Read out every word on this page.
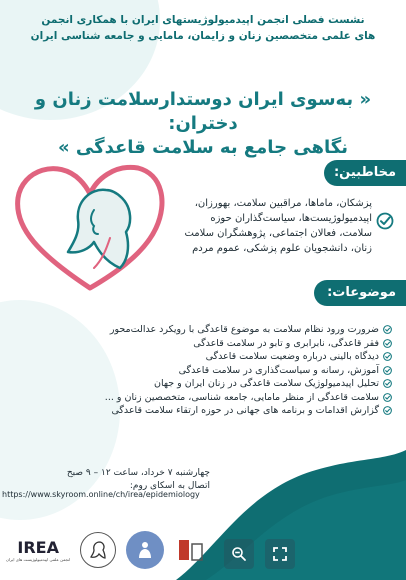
نشست فصلی انجمن اپیدمیولوژیستهای ایران با همکاری انجمن
های علمی متخصصین زنان و زایمان، مامایی و جامعه شناسی ایران
« به‌سوی ایران دوستدارسلامت زنان و دختران:
نگاهی جامع به سلامت قاعدگی »
مخاطبین:
پزشکان، ماماها، مراقبین سلامت، بهورزان،
اپیدمیولوژیست‌ها، سیاست‌گذاران حوزه
سلامت، فعالان اجتماعی، پژوهشگران سلامت
زنان، دانشجویان علوم پزشکی، عموم مردم
موضوعات:
ضرورت ورود نظام سلامت به موضوع قاعدگی با رویکرد عدالت‌محور
فقر قاعدگی، نابرابری و تابو در سلامت قاعدگی
دیدگاه بالینی درباره وضعیت سلامت قاعدگی
آموزش، رسانه و سیاست‌گذاری در سلامت قاعدگی
تحلیل اپیدمیولوژیک سلامت قاعدگی در زنان ایران و جهان
سلامت قاعدگی از منظر مامایی، جامعه شناسی، متخصصین زنان و ...
گزارش اقدامات و برنامه های جهانی در حوزه ارتقاء سلامت قاعدگی
چهارشنبه ۷ خرداد، ساعت ۱۲ – ۹ صبح
اتصال به اسکای روم:
https://www.skyroom.online/ch/irea/epidemiology
IREA
انجمن علمی اپیدمیولوژیست های ایران
